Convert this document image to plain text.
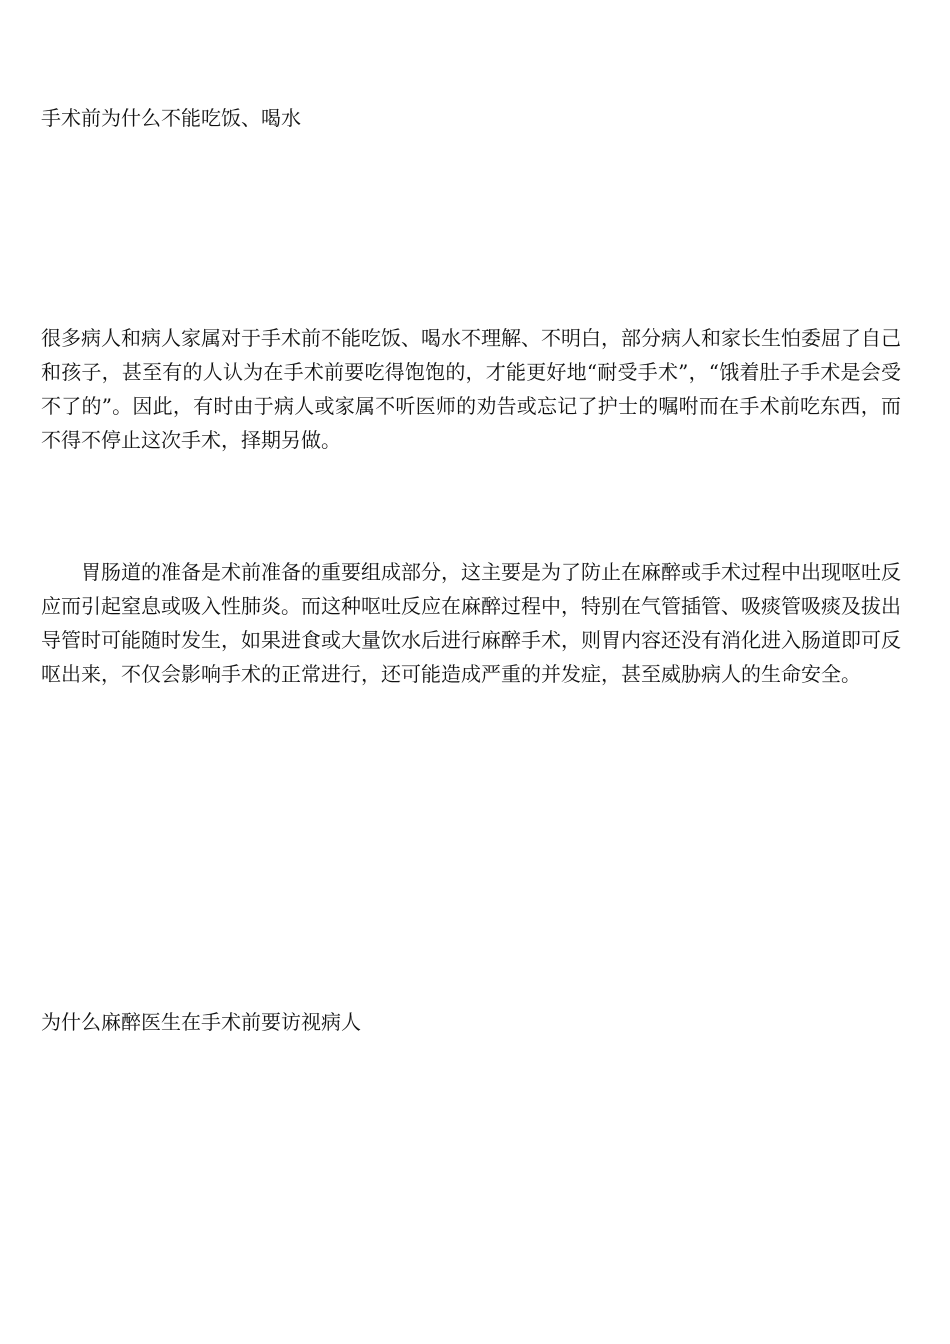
手术前为什么不能吃饭、喝水

很多病人和病人家属对于手术前不能吃饭、喝水不理解、不明白，部分病人和家长生怕委屈了自己和孩子，甚至有的人认为在手术前要吃得饱饱的，才能更好地“耐受手术”，“饿着肚子手术是会受不了的”。因此，有时由于病人或家属不听医师的劝告或忘记了护士的嘱咐而在手术前吃东西，而不得不停止这次手术，择期另做。

胃肠道的准备是术前准备的重要组成部分，这主要是为了防止在麻醉或手术过程中出现呕吐反应而引起窒息或吸入性肺炎。而这种呕吐反应在麻醉过程中，特别在气管插管、吸痰管吸痰及拔出导管时可能随时发生，如果进食或大量饮水后进行麻醉手术，则胃内容还没有消化进入肠道即可反呕出来，不仅会影响手术的正常进行，还可能造成严重的并发症，甚至威胁病人的生命安全。

为什么麻醉医生在手术前要访视病人
